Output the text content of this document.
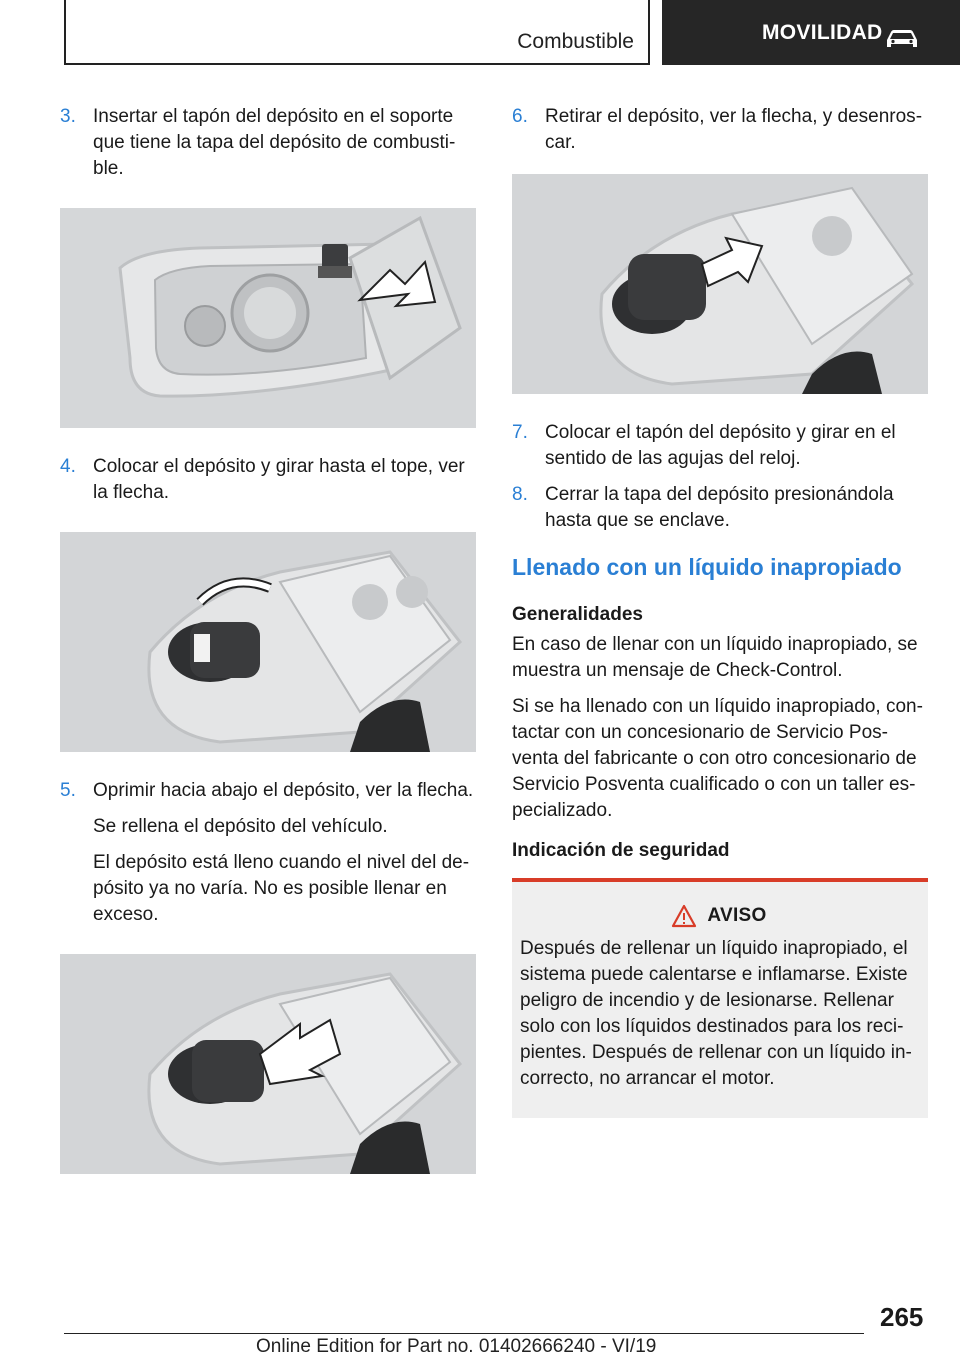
Combustible	MOVILIDAD
3. Insertar el tapón del depósito en el soporte que tiene la tapa del depósito de combustible.
4. Colocar el depósito y girar hasta el tope, ver la flecha.
5. Oprimir hacia abajo el depósito, ver la flecha.
Se rellena el depósito del vehículo.
El depósito está lleno cuando el nivel del depósito ya no varía. No es posible llenar en exceso.
6. Retirar el depósito, ver la flecha, y desenroscar.
7. Colocar el tapón del depósito y girar en el sentido de las agujas del reloj.
8. Cerrar la tapa del depósito presionándola hasta que se enclave.
Llenado con un líquido inapropiado
Generalidades
En caso de llenar con un líquido inapropiado, se muestra un mensaje de Check-Control.
Si se ha llenado con un líquido inapropiado, contactar con un concesionario de Servicio Posventa del fabricante o con otro concesionario de Servicio Posventa cualificado o con un taller especializado.
Indicación de seguridad
AVISO
Después de rellenar un líquido inapropiado, el sistema puede calentarse e inflamarse. Existe peligro de incendio y de lesionarse. Rellenar solo con los líquidos destinados para los recipientes. Después de rellenar con un líquido incorrecto, no arrancar el motor.
265
Online Edition for Part no. 01402666240 - VI/19
